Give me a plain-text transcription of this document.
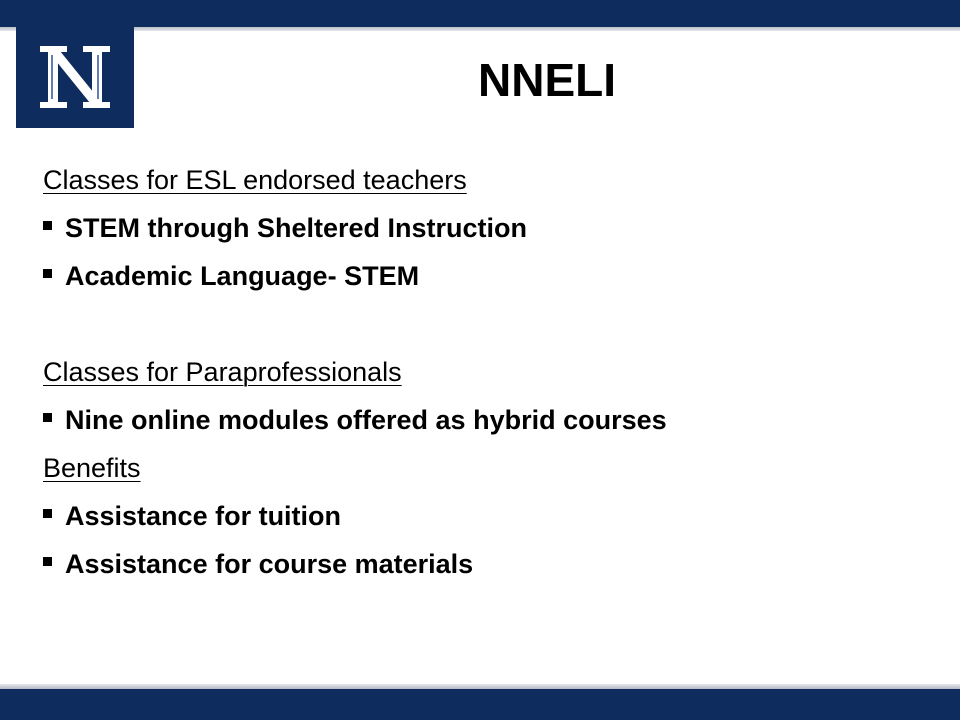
NNELI
Classes for ESL endorsed teachers
STEM through Sheltered Instruction
Academic Language- STEM
Classes for Paraprofessionals
Nine online modules offered as hybrid courses
Benefits
Assistance for tuition
Assistance for course materials
